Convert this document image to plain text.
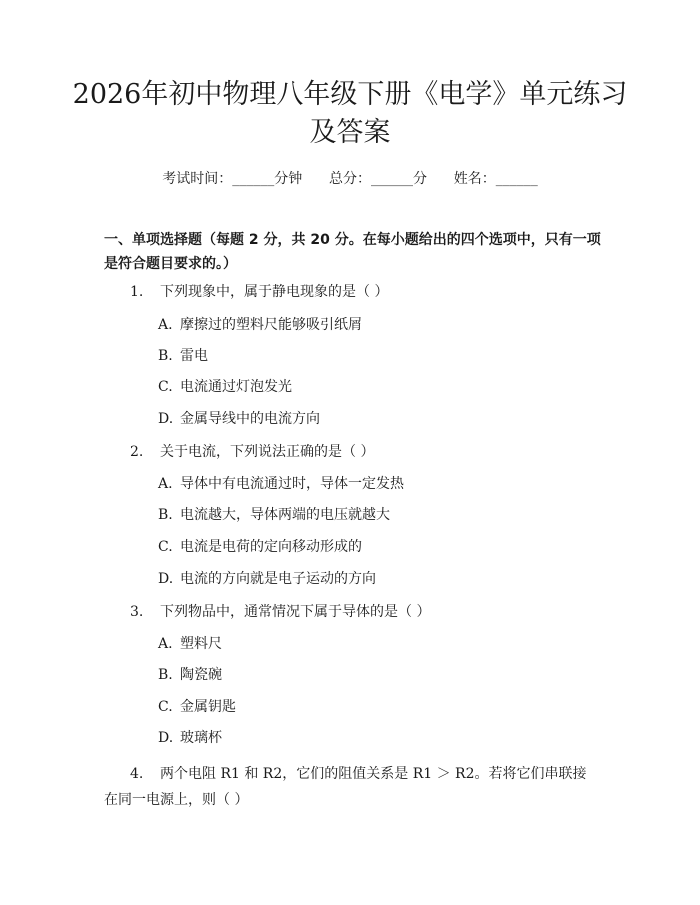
2026年初中物理八年级下册《电学》单元练习及答案
考试时间：______分钟      总分：______分      姓名：______
一、单项选择题（每题 2 分，共 20 分。在每小题给出的四个选项中，只有一项是符合题目要求的。）
1. 下列现象中，属于静电现象的是（ ）
A. 摩擦过的塑料尺能够吸引纸屑
B. 雷电
C. 电流通过灯泡发光
D. 金属导线中的电流方向
2. 关于电流，下列说法正确的是（ ）
A. 导体中有电流通过时，导体一定发热
B. 电流越大，导体两端的电压就越大
C. 电流是电荷的定向移动形成的
D. 电流的方向就是电子运动的方向
3. 下列物品中，通常情况下属于导体的是（ ）
A. 塑料尺
B. 陶瓷碗
C. 金属钥匙
D. 玻璃杯
4. 两个电阻 R1 和 R2，它们的阻值关系是 R1 ＞ R2。若将它们串联接在同一电源上，则（ ）
